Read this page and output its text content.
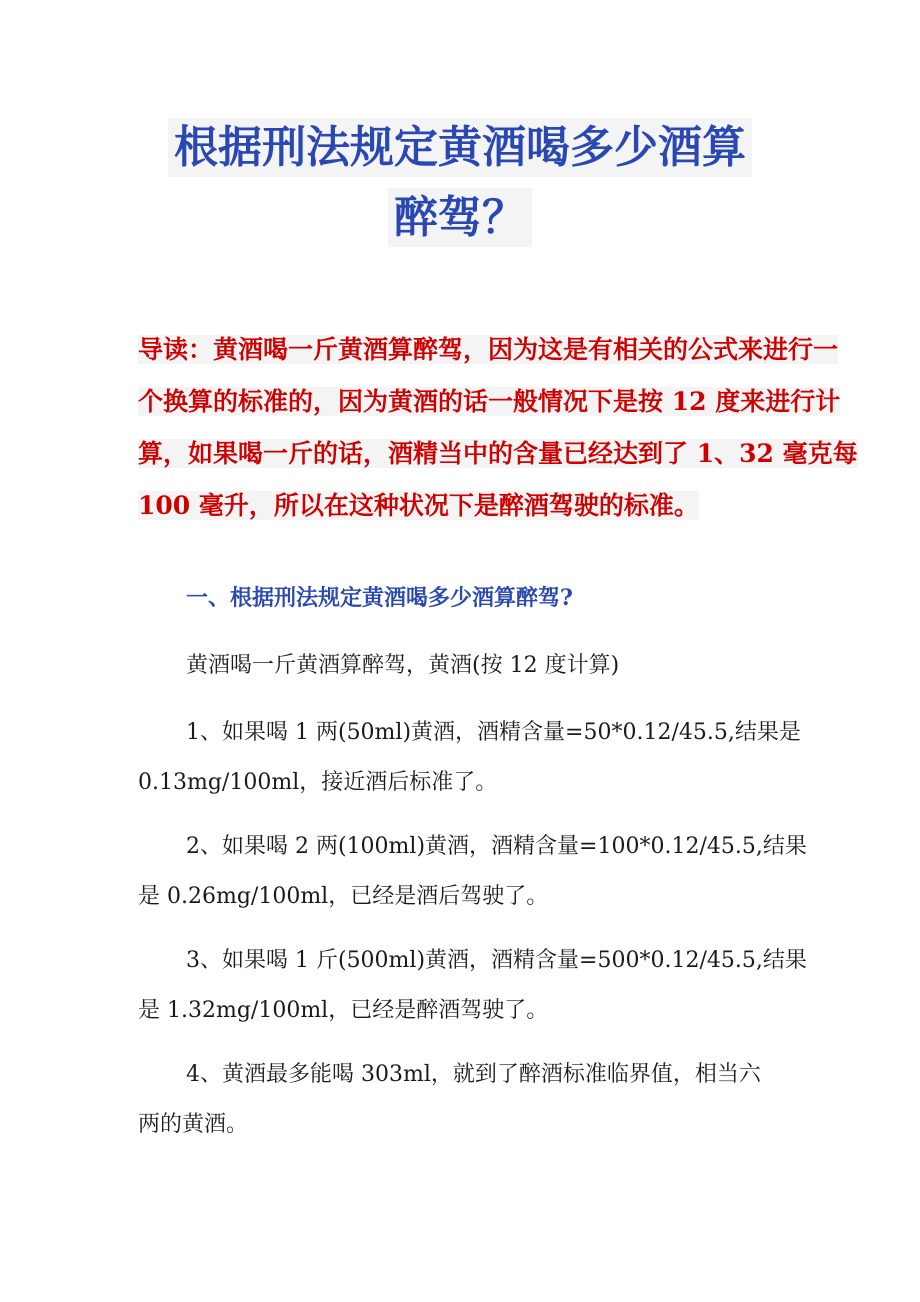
根据刑法规定黄酒喝多少酒算
醉驾？

导读：黄酒喝一斤黄酒算醉驾，因为这是有相关的公式来进行一

个换算的标准的，因为黄酒的话一般情况下是按 12 度来进行计

算，如果喝一斤的话，酒精当中的含量已经达到了 1、32 毫克每

100 毫升，所以在这种状况下是醉酒驾驶的标准。

一、根据刑法规定黄酒喝多少酒算醉驾?

黄酒喝一斤黄酒算醉驾，黄酒(按 12 度计算)

1、如果喝 1 两(50ml)黄酒，酒精含量=50*0.12/45.5,结果是

0.13mg/100ml，接近酒后标准了。

2、如果喝 2 两(100ml)黄酒，酒精含量=100*0.12/45.5,结果

是 0.26mg/100ml，已经是酒后驾驶了。

3、如果喝 1 斤(500ml)黄酒，酒精含量=500*0.12/45.5,结果

是 1.32mg/100ml，已经是醉酒驾驶了。

4、黄酒最多能喝 303ml，就到了醉酒标准临界值，相当六

两的黄酒。
